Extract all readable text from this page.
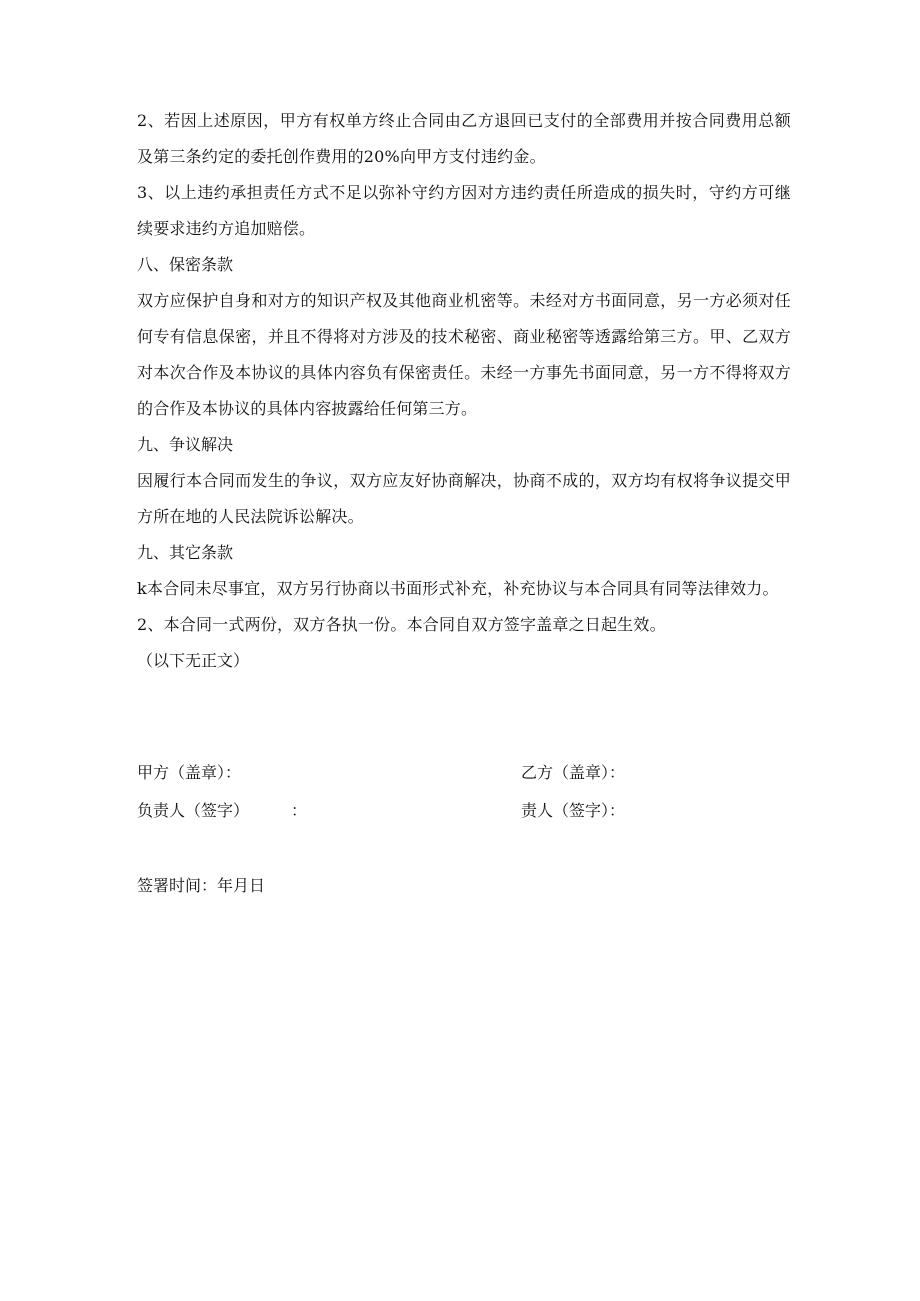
2、若因上述原因，甲方有权单方终止合同由乙方退回已支付的全部费用并按合同费用总额及第三条约定的委托创作费用的20%向甲方支付违约金。

3、以上违约承担责任方式不足以弥补守约方因对方违约责任所造成的损失时，守约方可继续要求违约方追加赔偿。

八、保密条款

双方应保护自身和对方的知识产权及其他商业机密等。未经对方书面同意，另一方必须对任何专有信息保密，并且不得将对方涉及的技术秘密、商业秘密等透露给第三方。甲、乙双方对本次合作及本协议的具体内容负有保密责任。未经一方事先书面同意，另一方不得将双方的合作及本协议的具体内容披露给任何第三方。

九、争议解决

因履行本合同而发生的争议，双方应友好协商解决，协商不成的，双方均有权将争议提交甲方所在地的人民法院诉讼解决。

九、其它条款

k本合同未尽事宜，双方另行协商以书面形式补充，补充协议与本合同具有同等法律效力。

2、本合同一式两份，双方各执一份。本合同自双方签字盖章之日起生效。

（以下无正文）

甲方（盖章）：	乙方（盖章）：
负责人（签字）	：	责人（签字）：
签署时间：年月日
